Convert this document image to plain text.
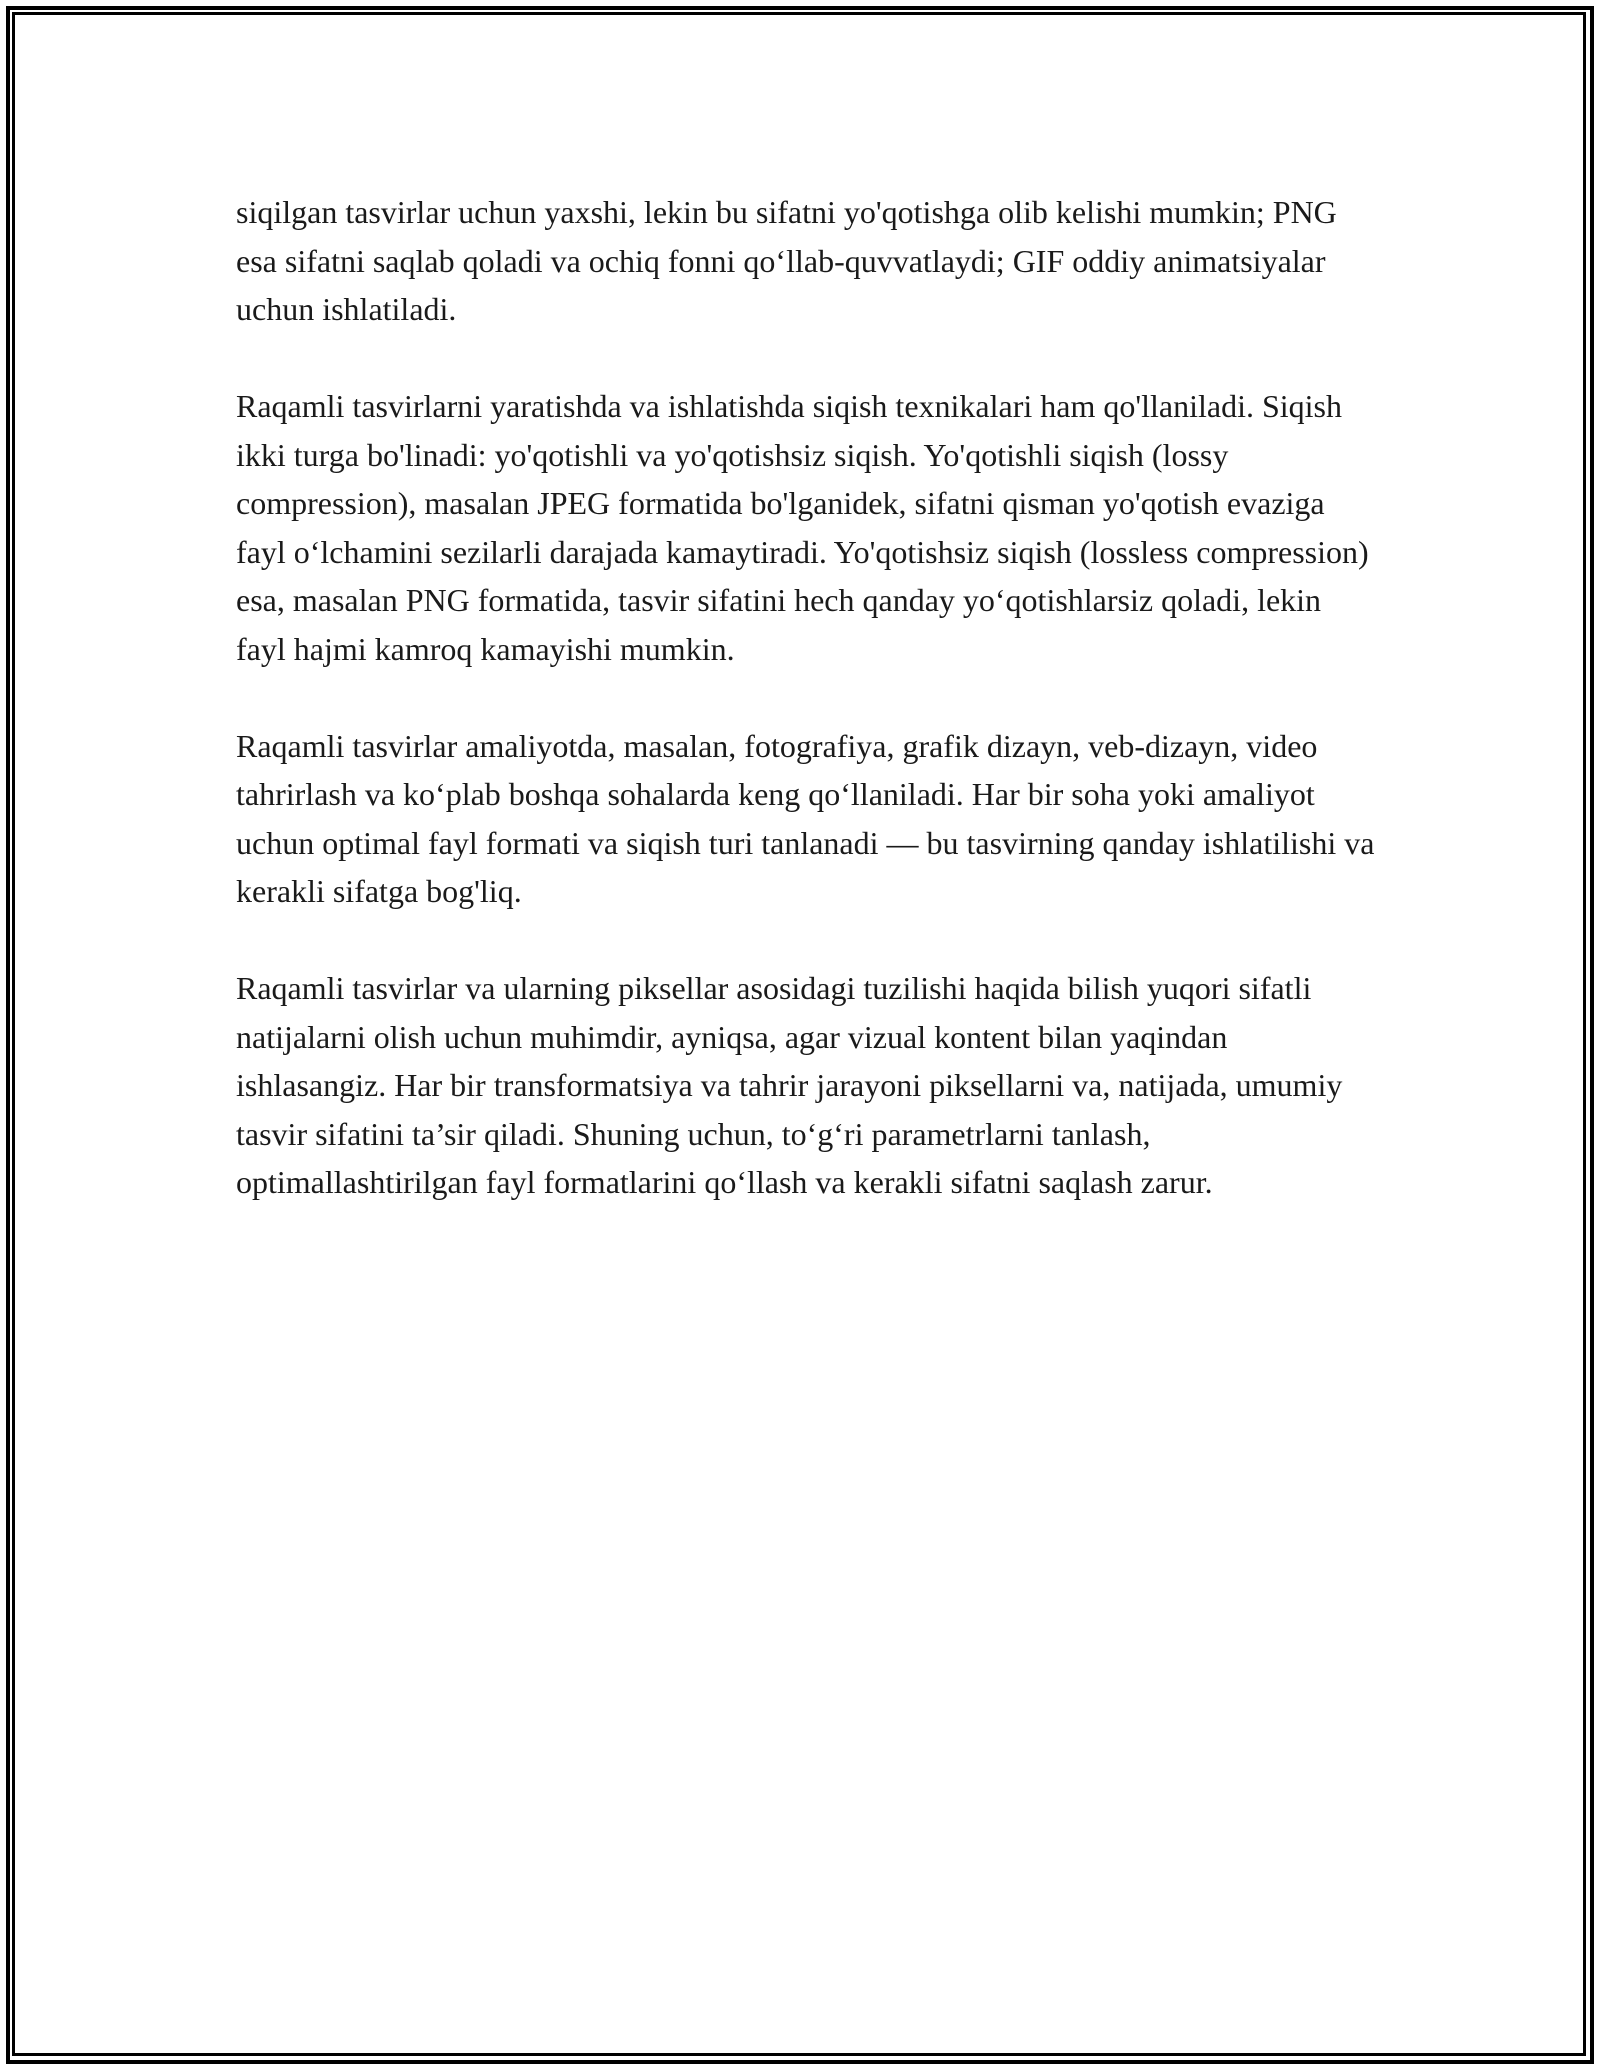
siqilgan tasvirlar uchun yaxshi, lekin bu sifatni yo'qotishga olib kelishi mumkin; PNG esa sifatni saqlab qoladi va ochiq fonni qo‘llab-quvvatlaydi; GIF oddiy animatsiyalar uchun ishlatiladi.

Raqamli tasvirlarni yaratishda va ishlatishda siqish texnikalari ham qo'llaniladi. Siqish ikki turga bo'linadi: yo'qotishli va yo'qotishsiz siqish. Yo'qotishli siqish (lossy compression), masalan JPEG formatida bo'lganidek, sifatni qisman yo'qotish evaziga fayl o‘lchamini sezilarli darajada kamaytiradi. Yo'qotishsiz siqish (lossless compression) esa, masalan PNG formatida, tasvir sifatini hech qanday yo‘qotishlarsiz qoladi, lekin fayl hajmi kamroq kamayishi mumkin.

Raqamli tasvirlar amaliyotda, masalan, fotografiya, grafik dizayn, veb-dizayn, video tahrirlash va ko‘plab boshqa sohalarda keng qo‘llaniladi. Har bir soha yoki amaliyot uchun optimal fayl formati va siqish turi tanlanadi — bu tasvirning qanday ishlatilishi va kerakli sifatga bog'liq.

Raqamli tasvirlar va ularning piksellar asosidagi tuzilishi haqida bilish yuqori sifatli natijalarni olish uchun muhimdir, ayniqsa, agar vizual kontent bilan yaqindan ishlasangiz. Har bir transformatsiya va tahrir jarayoni piksellarni va, natijada, umumiy tasvir sifatini ta’sir qiladi. Shuning uchun, to‘g‘ri parametrlarni tanlash, optimallashtirilgan fayl formatlarini qo‘llash va kerakli sifatni saqlash zarur.
